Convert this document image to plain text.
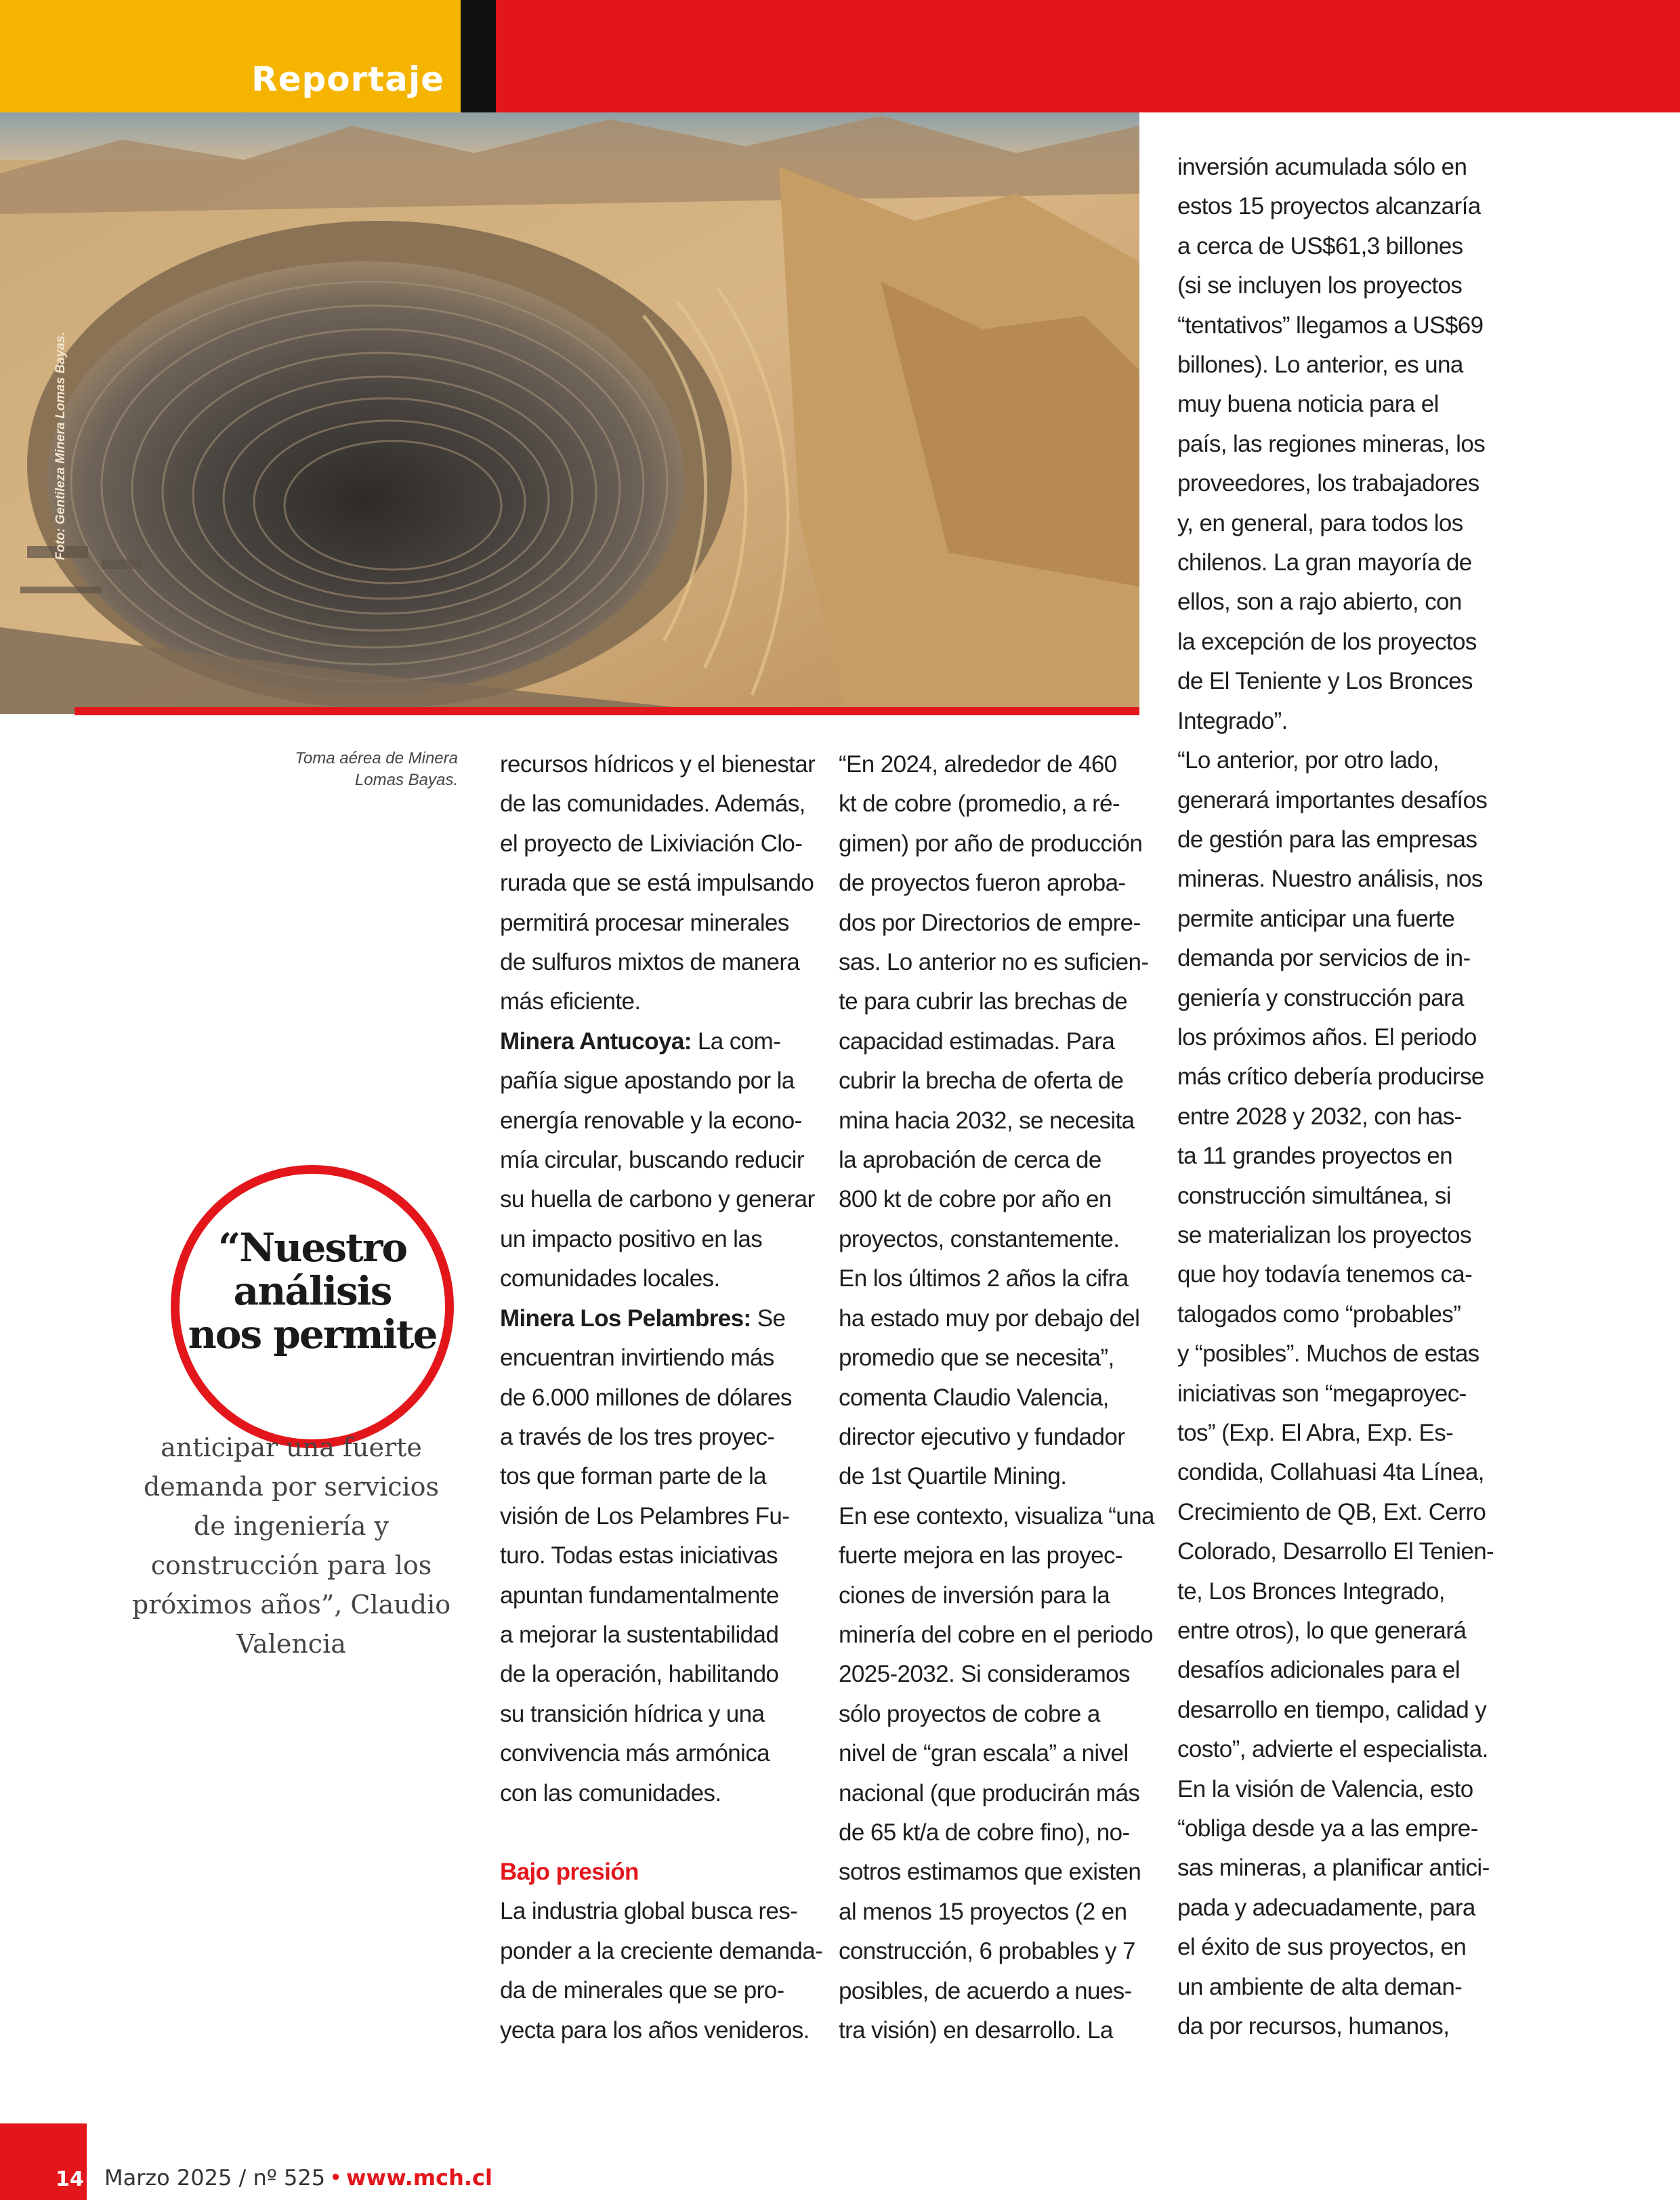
Reportaje
Foto: Gentileza Minera Lomas Bayas.
Toma aérea de Minera
Lomas Bayas.
“Nuestro
análisis
nos permite
anticipar una fuerte
demanda por servicios
de ingeniería y
construcción para los
próximos años”, Claudio
Valencia
recursos hídricos y el bienestar
de las comunidades. Además,
el proyecto de Lixiviación Clo-
rurada que se está impulsando
permitirá procesar minerales
de sulfuros mixtos de manera
más eficiente.
Minera Antucoya: La com-
pañía sigue apostando por la
energía renovable y la econo-
mía circular, buscando reducir
su huella de carbono y generar
un impacto positivo en las
comunidades locales.
Minera Los Pelambres: Se
encuentran invirtiendo más
de 6.000 millones de dólares
a través de los tres proyec-
tos que forman parte de la
visión de Los Pelambres Fu-
turo. Todas estas iniciativas
apuntan fundamentalmente
a mejorar la sustentabilidad
de la operación, habilitando
su transición hídrica y una
convivencia más armónica
con las comunidades.
Bajo presión
La industria global busca res-
ponder a la creciente demanda-
da de minerales que se pro-
yecta para los años venideros.
“En 2024, alrededor de 460
kt de cobre (promedio, a ré-
gimen) por año de producción
de proyectos fueron aproba-
dos por Directorios de empre-
sas. Lo anterior no es suficien-
te para cubrir las brechas de
capacidad estimadas. Para
cubrir la brecha de oferta de
mina hacia 2032, se necesita
la aprobación de cerca de
800 kt de cobre por año en
proyectos, constantemente.
En los últimos 2 años la cifra
ha estado muy por debajo del
promedio que se necesita”,
comenta Claudio Valencia,
director ejecutivo y fundador
de 1st Quartile Mining.
En ese contexto, visualiza “una
fuerte mejora en las proyec-
ciones de inversión para la
minería del cobre en el periodo
2025-2032. Si consideramos
sólo proyectos de cobre a
nivel de “gran escala” a nivel
nacional (que producirán más
de 65 kt/a de cobre fino), no-
sotros estimamos que existen
al menos 15 proyectos (2 en
construcción, 6 probables y 7
posibles, de acuerdo a nues-
tra visión) en desarrollo. La
inversión acumulada sólo en
estos 15 proyectos alcanzaría
a cerca de US$61,3 billones
(si se incluyen los proyectos
“tentativos” llegamos a US$69
billones). Lo anterior, es una
muy buena noticia para el
país, las regiones mineras, los
proveedores, los trabajadores
y, en general, para todos los
chilenos. La gran mayoría de
ellos, son a rajo abierto, con
la excepción de los proyectos
de El Teniente y Los Bronces
Integrado”.
“Lo anterior, por otro lado,
generará importantes desafíos
de gestión para las empresas
mineras. Nuestro análisis, nos
permite anticipar una fuerte
demanda por servicios de in-
geniería y construcción para
los próximos años. El periodo
más crítico debería producirse
entre 2028 y 2032, con has-
ta 11 grandes proyectos en
construcción simultánea, si
se materializan los proyectos
que hoy todavía tenemos ca-
talogados como “probables”
y “posibles”. Muchos de estas
iniciativas son “megaproyec-
tos” (Exp. El Abra, Exp. Es-
condida, Collahuasi 4ta Línea,
Crecimiento de QB, Ext. Cerro
Colorado, Desarrollo El Tenien-
te, Los Bronces Integrado,
entre otros), lo que generará
desafíos adicionales para el
desarrollo en tiempo, calidad y
costo”, advierte el especialista.
En la visión de Valencia, esto
“obliga desde ya a las empre-
sas mineras, a planificar antici-
pada y adecuadamente, para
el éxito de sus proyectos, en
un ambiente de alta deman-
da por recursos, humanos,
14 Marzo 2025 / nº 525 • www.mch.cl
